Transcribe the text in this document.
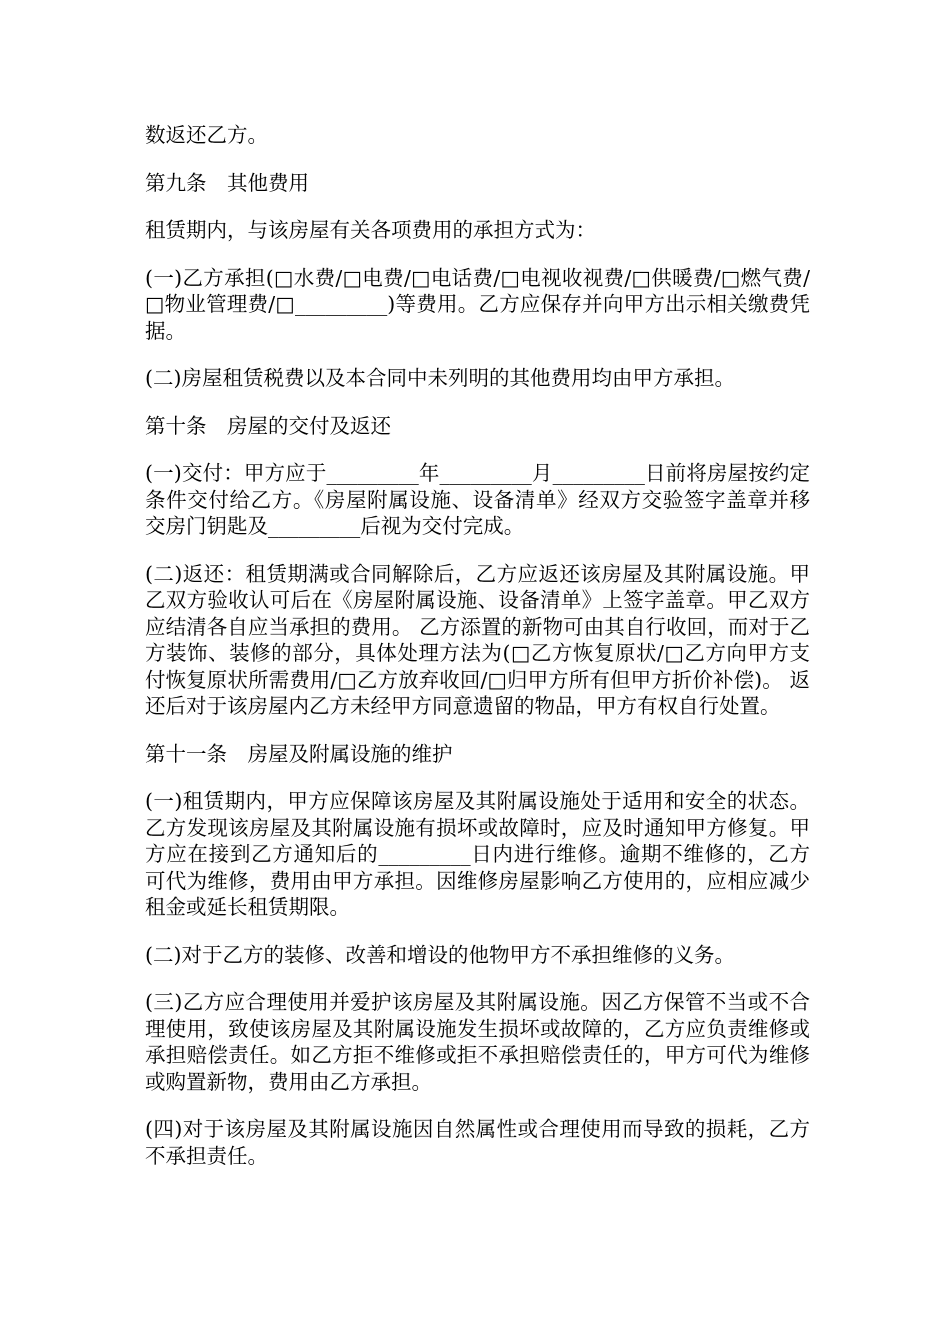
数返还乙方。

第九条　其他费用

租赁期内，与该房屋有关各项费用的承担方式为：

(一)乙方承担(□水费/□电费/□电话费/□电视收视费/□供暖费/□燃气费/□物业管理费/□_________)等费用。乙方应保存并向甲方出示相关缴费凭据。

(二)房屋租赁税费以及本合同中未列明的其他费用均由甲方承担。

第十条　房屋的交付及返还

(一)交付：甲方应于_________年_________月_________日前将房屋按约定条件交付给乙方。《房屋附属设施、设备清单》经双方交验签字盖章并移交房门钥匙及_________后视为交付完成。

(二)返还：租赁期满或合同解除后，乙方应返还该房屋及其附属设施。甲乙双方验收认可后在《房屋附属设施、设备清单》上签字盖章。甲乙双方应结清各自应当承担的费用。 乙方添置的新物可由其自行收回，而对于乙方装饰、装修的部分，具体处理方法为(□乙方恢复原状/□乙方向甲方支付恢复原状所需费用/□乙方放弃收回/□归甲方所有但甲方折价补偿)。 返还后对于该房屋内乙方未经甲方同意遗留的物品，甲方有权自行处置。

第十一条　房屋及附属设施的维护

(一)租赁期内，甲方应保障该房屋及其附属设施处于适用和安全的状态。乙方发现该房屋及其附属设施有损坏或故障时，应及时通知甲方修复。甲方应在接到乙方通知后的_________日内进行维修。逾期不维修的，乙方可代为维修，费用由甲方承担。因维修房屋影响乙方使用的，应相应减少租金或延长租赁期限。

(二)对于乙方的装修、改善和增设的他物甲方不承担维修的义务。

(三)乙方应合理使用并爱护该房屋及其附属设施。因乙方保管不当或不合理使用，致使该房屋及其附属设施发生损坏或故障的，乙方应负责维修或承担赔偿责任。如乙方拒不维修或拒不承担赔偿责任的，甲方可代为维修或购置新物，费用由乙方承担。

(四)对于该房屋及其附属设施因自然属性或合理使用而导致的损耗，乙方不承担责任。
